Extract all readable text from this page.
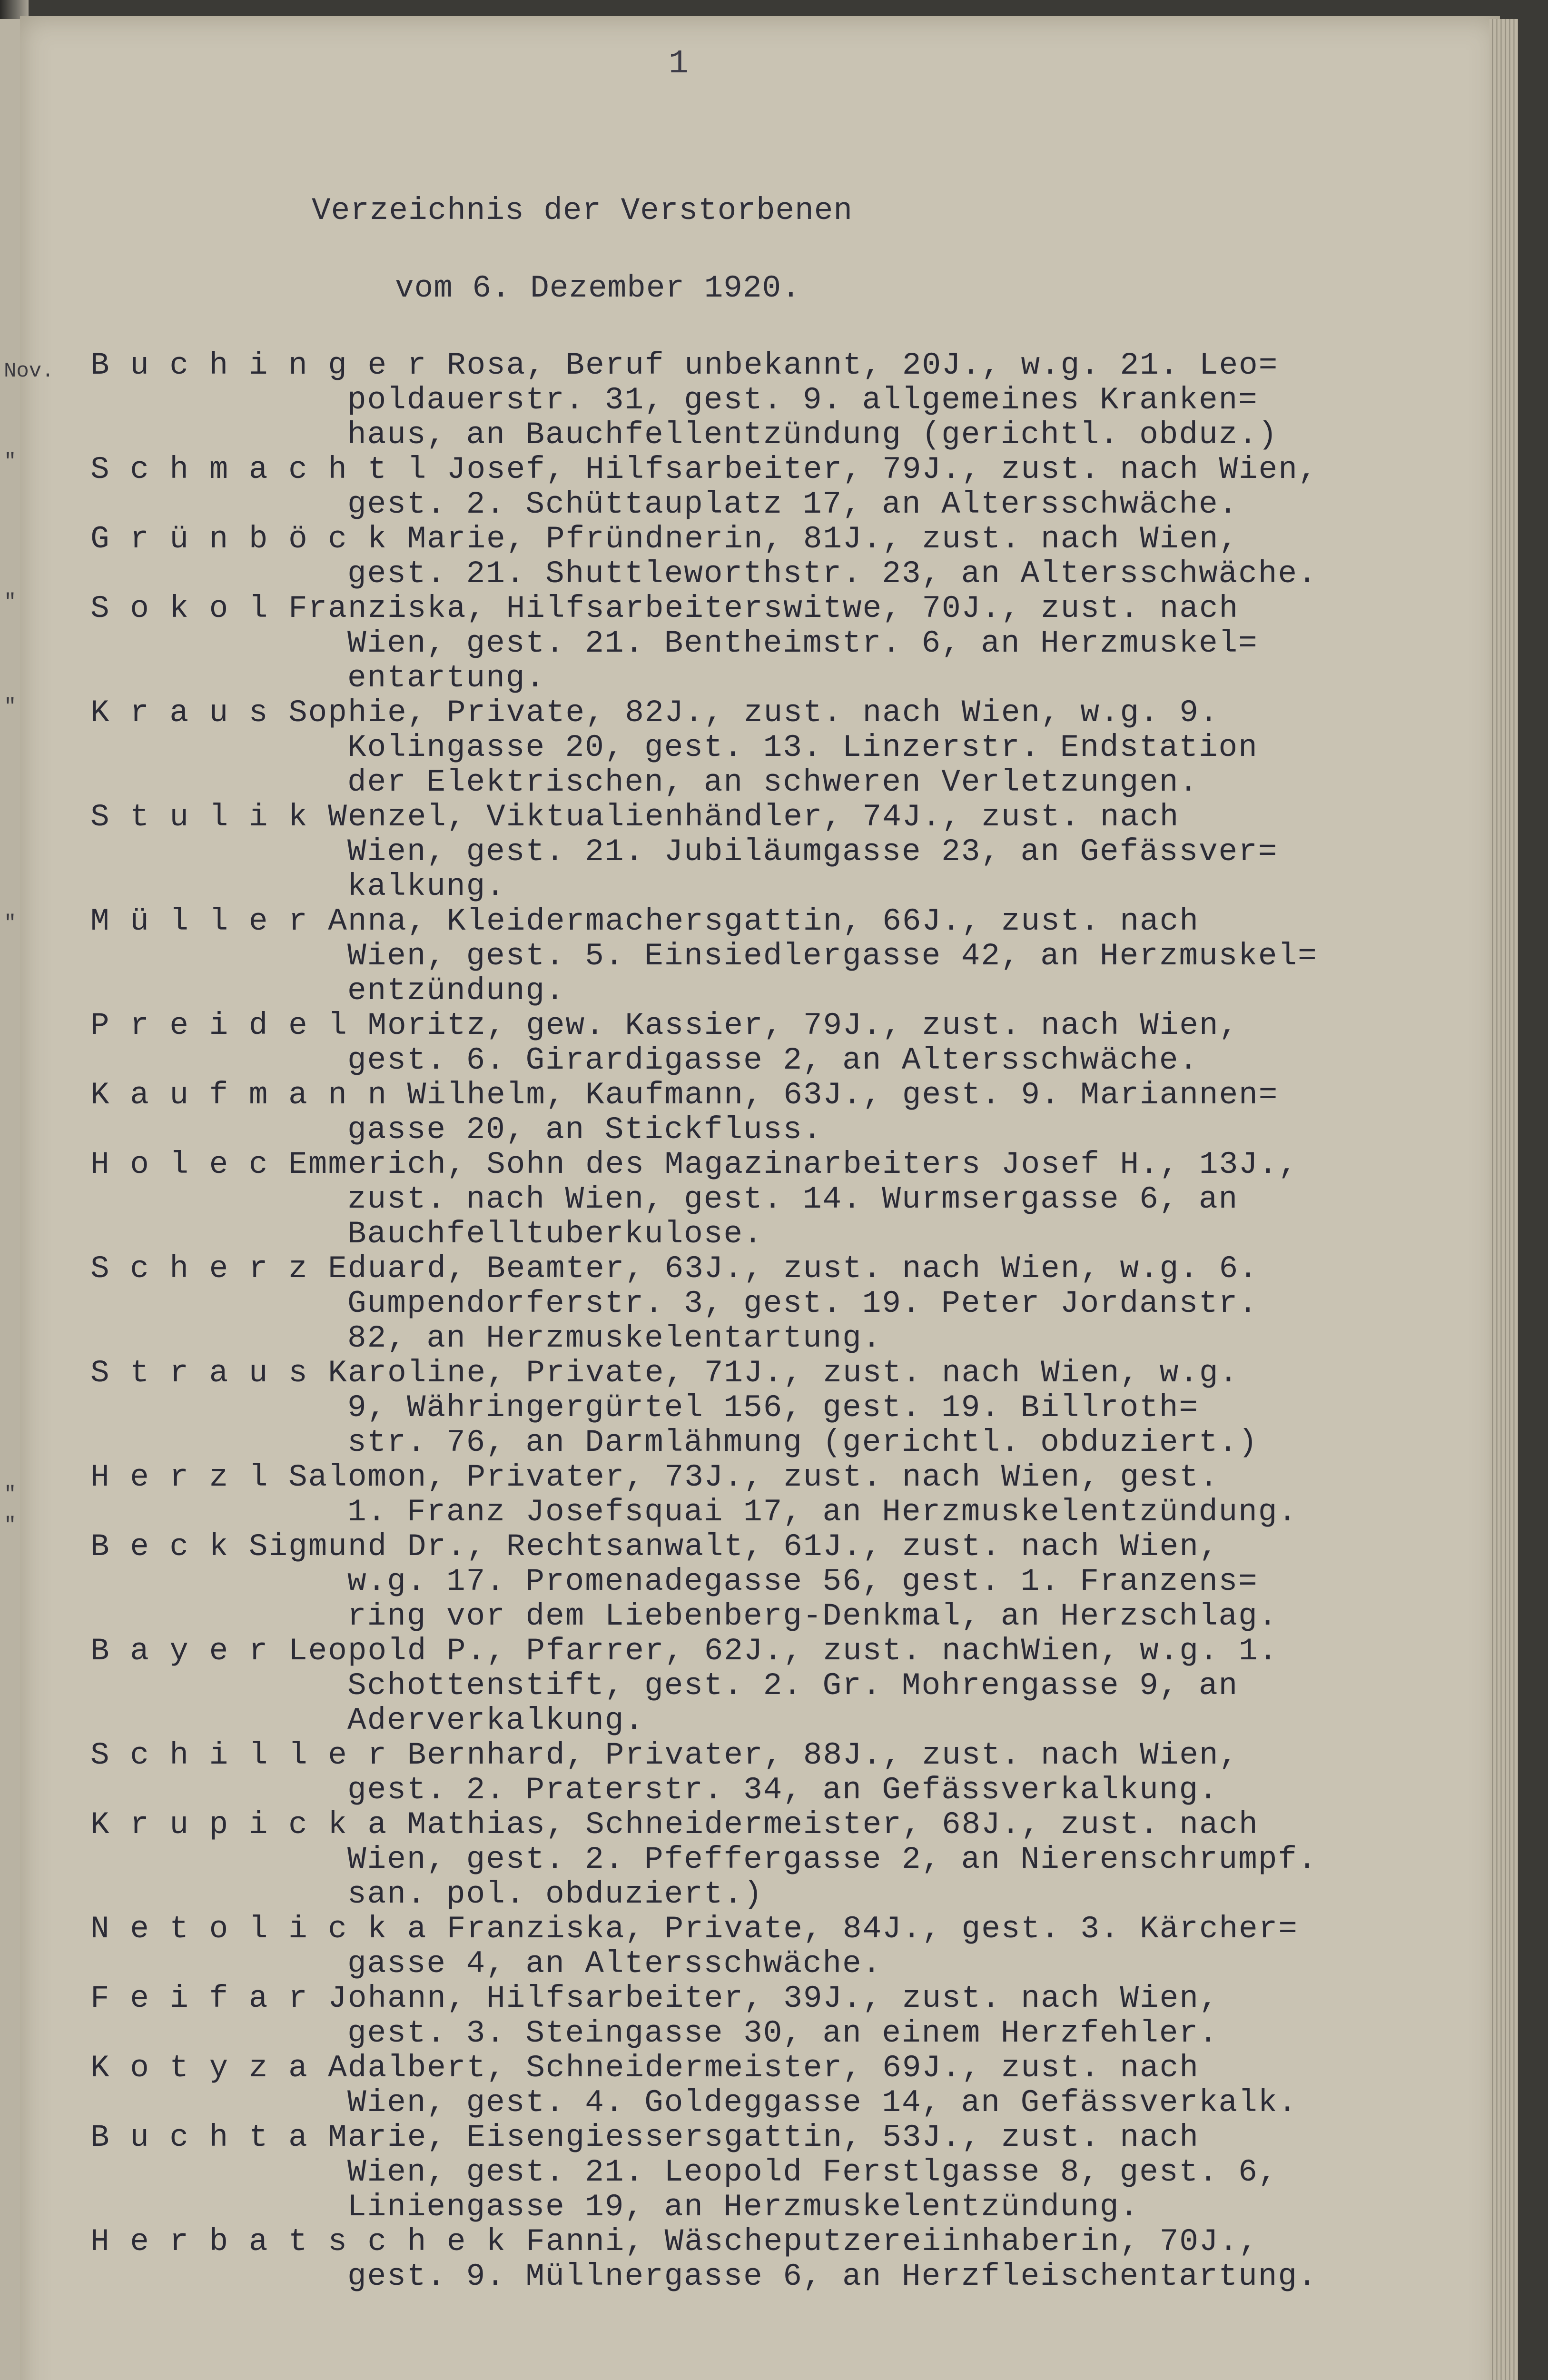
Nov.
"
"
"
"
"
"
1
Verzeichnis der Verstorbenen
vom 6. Dezember 1920.
B u c h i n g e r Rosa, Beruf unbekannt, 20J., w.g. 21. Leo=
poldauerstr. 31, gest. 9. allgemeines Kranken=
haus, an Bauchfellentzündung (gerichtl. obduz.)
S c h m a c h t l Josef, Hilfsarbeiter, 79J., zust. nach Wien,
gest. 2. Schüttauplatz 17, an Altersschwäche.
G r ü n b ö c k Marie, Pfründnerin, 81J., zust. nach Wien,
gest. 21. Shuttleworthstr. 23, an Altersschwäche.
S o k o l Franziska, Hilfsarbeiterswitwe, 70J., zust. nach
Wien, gest. 21. Bentheimstr. 6, an Herzmuskel=
entartung.
K r a u s Sophie, Private, 82J., zust. nach Wien, w.g. 9.
Kolingasse 20, gest. 13. Linzerstr. Endstation
der Elektrischen, an schweren Verletzungen.
S t u l i k Wenzel, Viktualienhändler, 74J., zust. nach
Wien, gest. 21. Jubiläumgasse 23, an Gefässver=
kalkung.
M ü l l e r Anna, Kleidermachersgattin, 66J., zust. nach
Wien, gest. 5. Einsiedlergasse 42, an Herzmuskel=
entzündung.
P r e i d e l Moritz, gew. Kassier, 79J., zust. nach Wien,
gest. 6. Girardigasse 2, an Altersschwäche.
K a u f m a n n Wilhelm, Kaufmann, 63J., gest. 9. Mariannen=
gasse 20, an Stickfluss.
H o l e c Emmerich, Sohn des Magazinarbeiters Josef H., 13J.,
zust. nach Wien, gest. 14. Wurmsergasse 6, an
Bauchfelltuberkulose.
S c h e r z Eduard, Beamter, 63J., zust. nach Wien, w.g. 6.
Gumpendorferstr. 3, gest. 19. Peter Jordanstr.
82, an Herzmuskelentartung.
S t r a u s Karoline, Private, 71J., zust. nach Wien, w.g.
9, Währingergürtel 156, gest. 19. Billroth=
str. 76, an Darmlähmung (gerichtl. obduziert.)
H e r z l Salomon, Privater, 73J., zust. nach Wien, gest.
1. Franz Josefsquai 17, an Herzmuskelentzündung.
B e c k Sigmund Dr., Rechtsanwalt, 61J., zust. nach Wien,
w.g. 17. Promenadegasse 56, gest. 1. Franzens=
ring vor dem Liebenberg-Denkmal, an Herzschlag.
B a y e r Leopold P., Pfarrer, 62J., zust. nachWien, w.g. 1.
Schottenstift, gest. 2. Gr. Mohrengasse 9, an
Aderverkalkung.
S c h i l l e r Bernhard, Privater, 88J., zust. nach Wien,
gest. 2. Praterstr. 34, an Gefässverkalkung.
K r u p i c k a Mathias, Schneidermeister, 68J., zust. nach
Wien, gest. 2. Pfeffergasse 2, an Nierenschrumpf.
san. pol. obduziert.)
N e t o l i c k a Franziska, Private, 84J., gest. 3. Kärcher=
gasse 4, an Altersschwäche.
F e i f a r Johann, Hilfsarbeiter, 39J., zust. nach Wien,
gest. 3. Steingasse 30, an einem Herzfehler.
K o t y z a Adalbert, Schneidermeister, 69J., zust. nach
Wien, gest. 4. Goldeggasse 14, an Gefässverkalk.
B u c h t a Marie, Eisengiessersgattin, 53J., zust. nach
Wien, gest. 21. Leopold Ferstlgasse 8, gest. 6,
Liniengasse 19, an Herzmuskelentzündung.
H e r b a t s c h e k Fanni, Wäscheputzereiinhaberin, 70J.,
gest. 9. Müllnergasse 6, an Herzfleischentartung.
